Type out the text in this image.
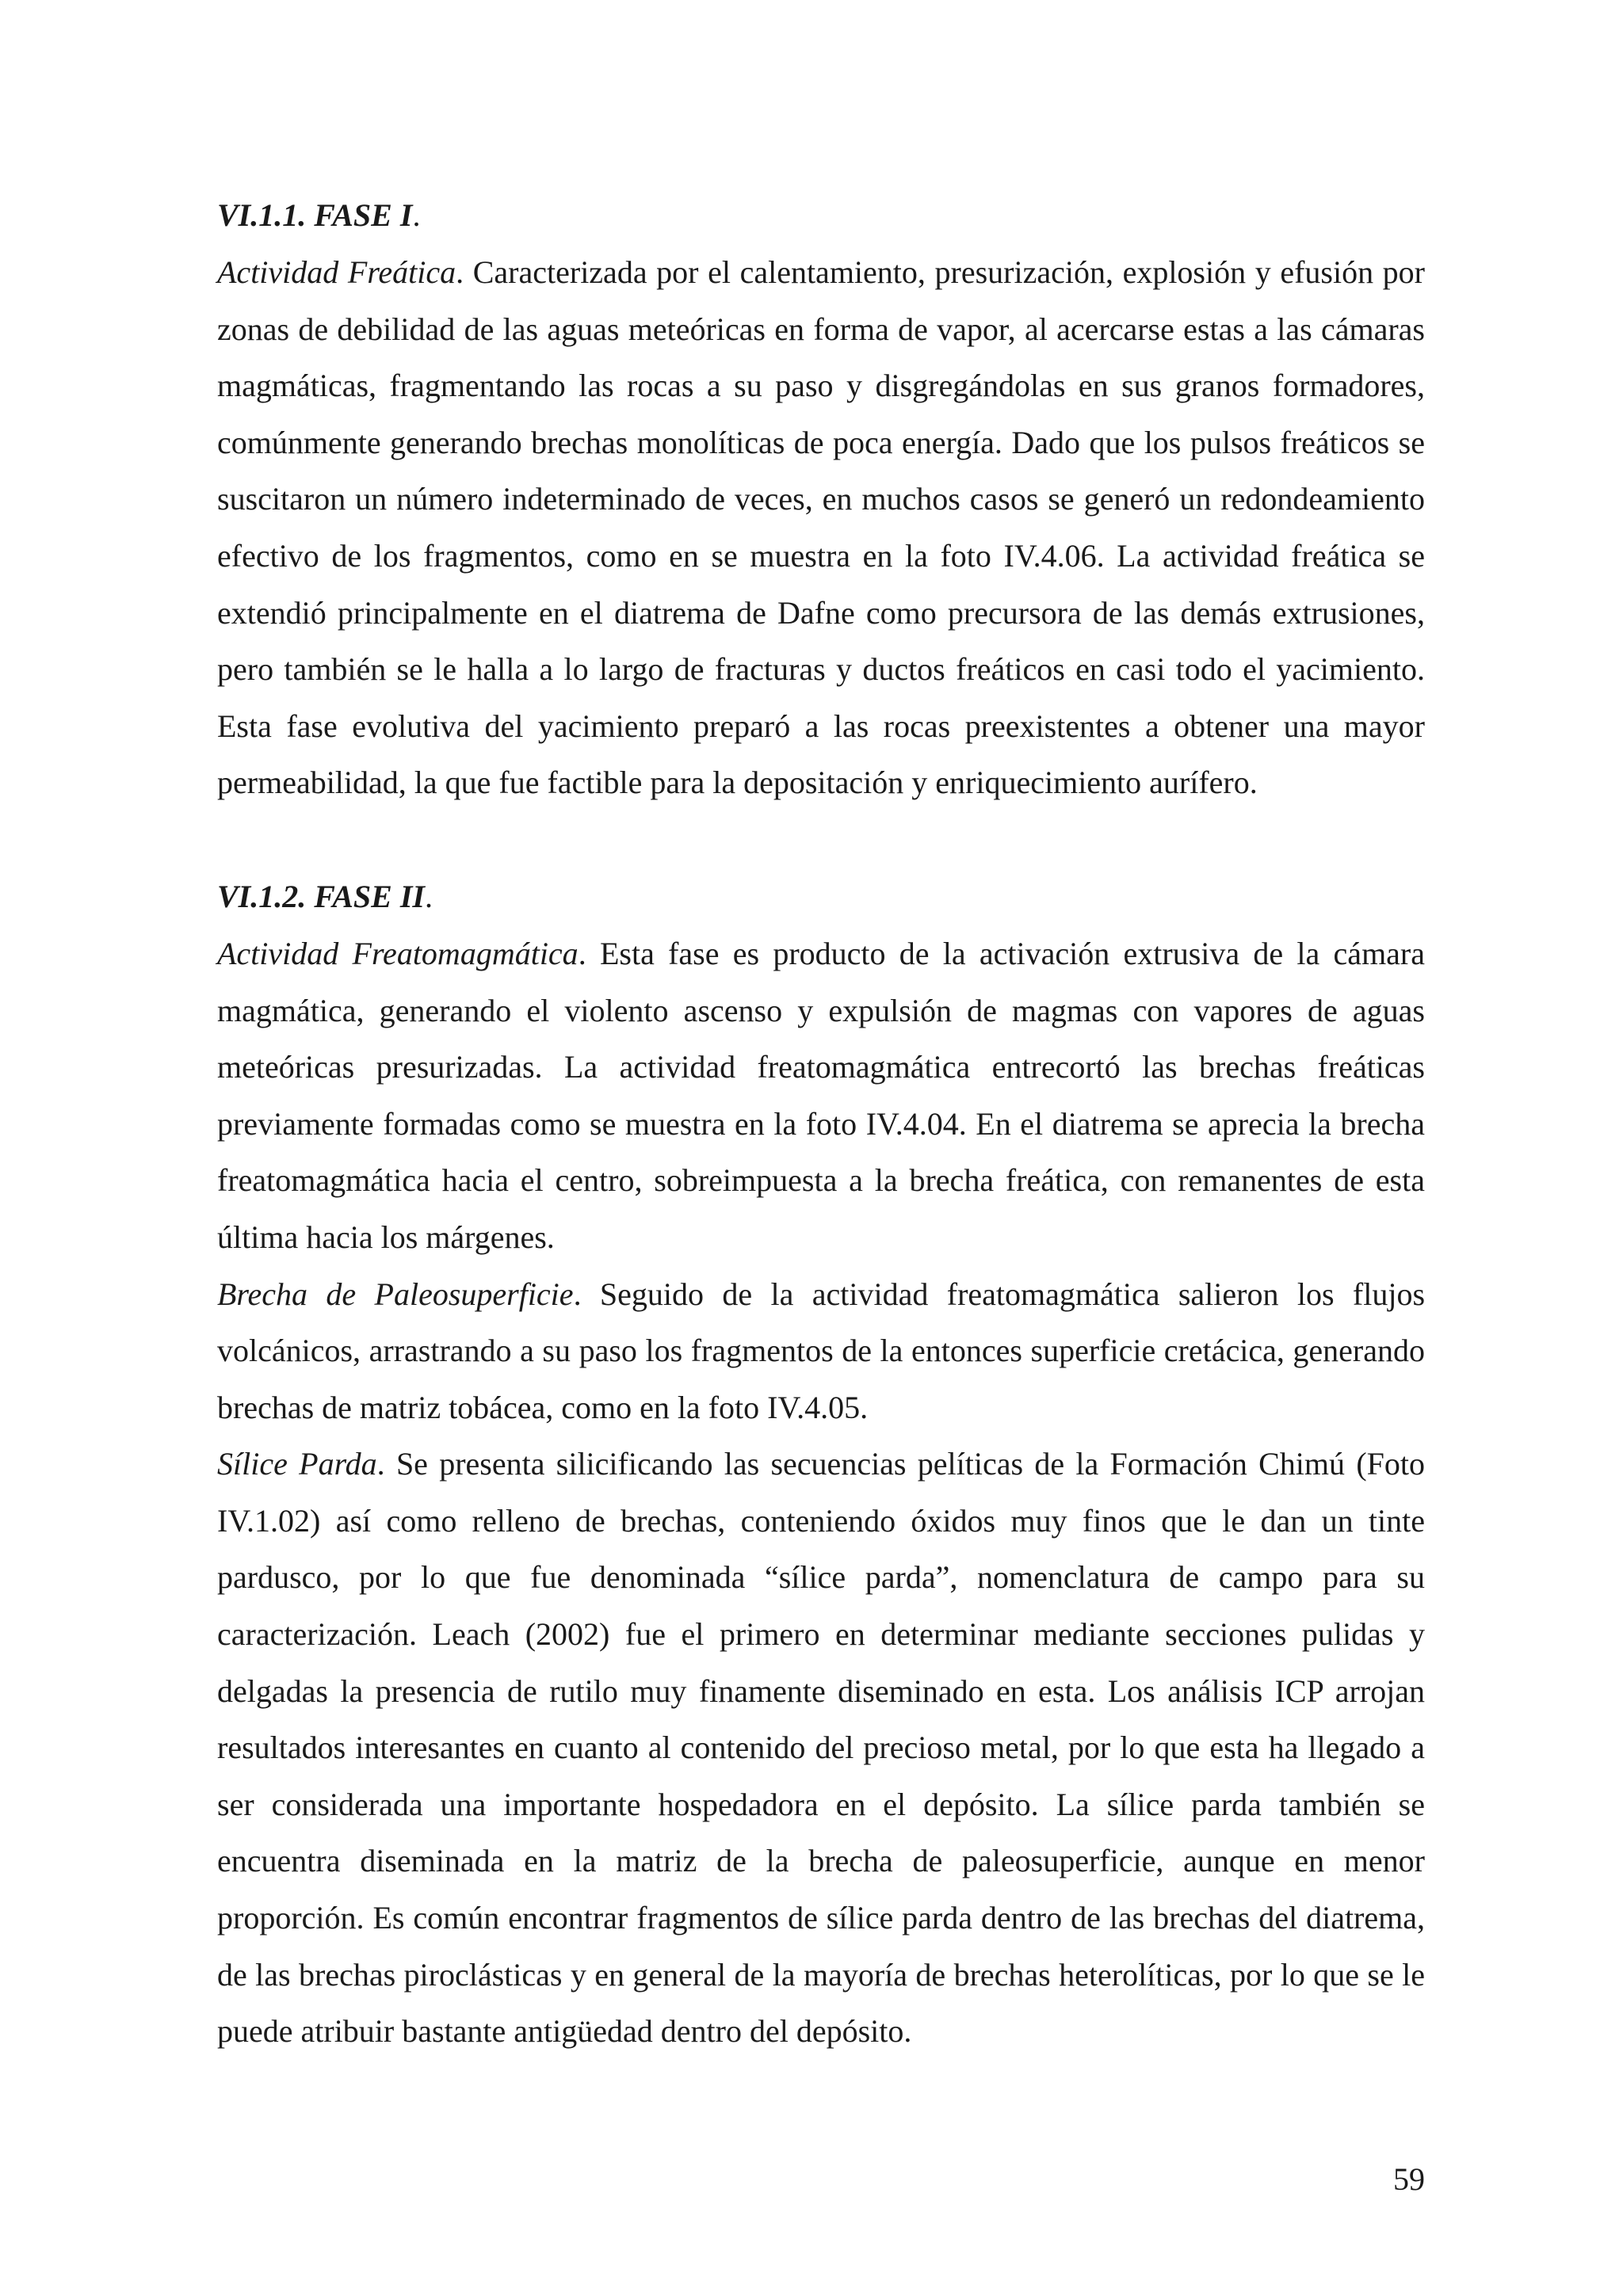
VI.1.1. FASE I.

Actividad Freática. Caracterizada por el calentamiento, presurización, explosión y efusión por zonas de debilidad de las aguas meteóricas en forma de vapor, al acercarse estas a las cámaras magmáticas, fragmentando las rocas a su paso y disgregándolas en sus granos formadores, comúnmente generando brechas monolíticas de poca energía. Dado que los pulsos freáticos se suscitaron un número indeterminado de veces, en muchos casos se generó un redondeamiento efectivo de los fragmentos, como en se muestra en la foto IV.4.06. La actividad freática se extendió principalmente en el diatrema de Dafne como precursora de las demás extrusiones, pero también se le halla a lo largo de fracturas y ductos freáticos en casi todo el yacimiento. Esta fase evolutiva del yacimiento preparó a las rocas preexistentes a obtener una mayor permeabilidad, la que fue factible para la depositación y enriquecimiento aurífero.

VI.1.2. FASE II.

Actividad Freatomagmática. Esta fase es producto de la activación extrusiva de la cámara magmática, generando el violento ascenso y expulsión de magmas con vapores de aguas meteóricas presurizadas. La actividad freatomagmática entrecortó las brechas freáticas previamente formadas como se muestra en la foto IV.4.04. En el diatrema se aprecia la brecha freatomagmática hacia el centro, sobreimpuesta a la brecha freática, con remanentes de esta última hacia los márgenes.

Brecha de Paleosuperficie. Seguido de la actividad freatomagmática salieron los flujos volcánicos, arrastrando a su paso los fragmentos de la entonces superficie cretácica, generando brechas de matriz tobácea, como en la foto IV.4.05.

Sílice Parda. Se presenta silicificando las secuencias pelíticas de la Formación Chimú (Foto IV.1.02) así como relleno de brechas, conteniendo óxidos muy finos que le dan un tinte pardusco, por lo que fue denominada “sílice parda”, nomenclatura de campo para su caracterización. Leach (2002) fue el primero en determinar mediante secciones pulidas y delgadas la presencia de rutilo muy finamente diseminado en esta. Los análisis ICP arrojan resultados interesantes en cuanto al contenido del precioso metal, por lo que esta ha llegado a ser considerada una importante hospedadora en el depósito. La sílice parda también se encuentra diseminada en la matriz de la brecha de paleosuperficie, aunque en menor proporción. Es común encontrar fragmentos de sílice parda dentro de las brechas del diatrema, de las brechas piroclásticas y en general de la mayoría de brechas heterolíticas, por lo que se le puede atribuir bastante antigüedad dentro del depósito.

59
